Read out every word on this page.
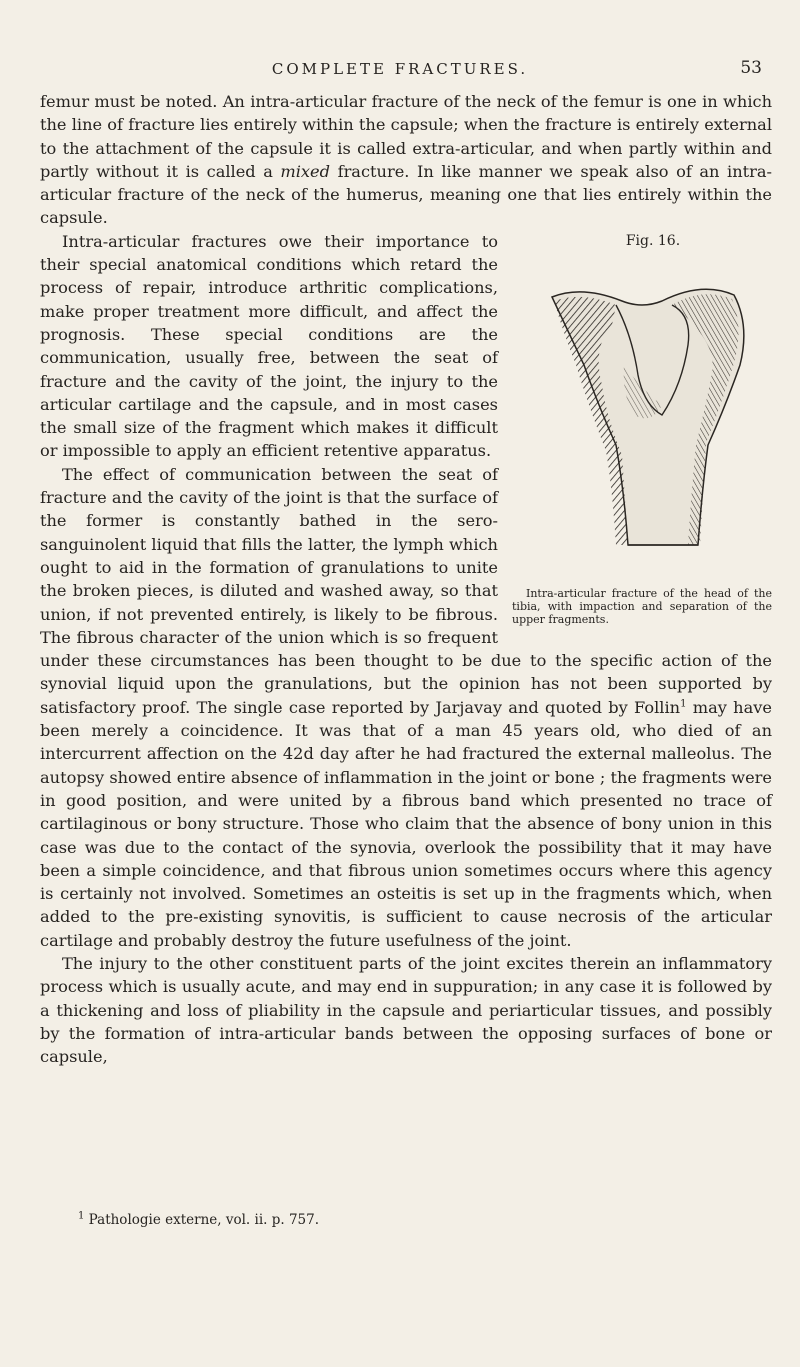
COMPLETE FRACTURES.	53

femur must be noted. An intra-articular fracture of the neck of the femur is one in which the line of fracture lies entirely within the capsule; when the fracture is entirely external to the attachment of the capsule it is called extra-articular, and when partly within and partly without it is called a mixed fracture. In like manner we speak also of an intra-articular fracture of the neck of the humerus, meaning one that lies entirely within the capsule.

Fig. 16.
Intra-articular fracture of the head of the tibia, with impaction and separation of the upper fragments.
Intra-articular fractures owe their importance to their special anatomical conditions which retard the process of repair, introduce arthritic complications, make proper treatment more difficult, and affect the prognosis. These special conditions are the communication, usually free, between the seat of fracture and the cavity of the joint, the injury to the articular cartilage and the capsule, and in most cases the small size of the fragment which makes it difficult or impossible to apply an efficient retentive apparatus.

The effect of communication between the seat of fracture and the cavity of the joint is that the surface of the former is constantly bathed in the sero-sanguinolent liquid that fills the latter, the lymph which ought to aid in the formation of granulations to unite the broken pieces, is diluted and washed away, so that union, if not prevented entirely, is likely to be fibrous. The fibrous character of the union which is so frequent under these circumstances has been thought to be due to the specific action of the synovial liquid upon the granulations, but the opinion has not been supported by satisfactory proof. The single case reported by Jarjavay and quoted by Follin$^1$ may have been merely a coincidence. It was that of a man 45 years old, who died of an intercurrent affection on the 42d day after he had fractured the external malleolus. The autopsy showed entire absence of inflammation in the joint or bone ; the fragments were in good position, and were united by a fibrous band which presented no trace of cartilaginous or bony structure. Those who claim that the absence of bony union in this case was due to the contact of the synovia, overlook the possibility that it may have been a simple coincidence, and that fibrous union sometimes occurs where this agency is certainly not involved. Sometimes an osteitis is set up in the fragments which, when added to the pre-existing synovitis, is sufficient to cause necrosis of the articular cartilage and probably destroy the future usefulness of the joint.

The injury to the other constituent parts of the joint excites therein an inflammatory process which is usually acute, and may end in suppuration; in any case it is followed by a thickening and loss of pliability in the capsule and periarticular tissues, and possibly by the formation of intra-articular bands between the opposing surfaces of bone or capsule,

$^1$ Pathologie externe, vol. ii. p. 757.
